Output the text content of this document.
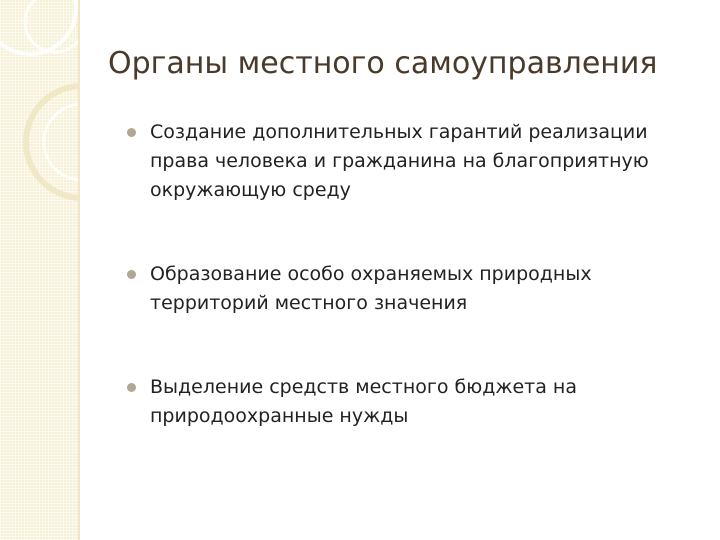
Органы местного самоуправления
Создание дополнительных гарантий реализации
права человека и гражданина на благоприятную
окружающую среду
Образование особо охраняемых природных
территорий местного значения
Выделение средств местного бюджета на
природоохранные нужды
